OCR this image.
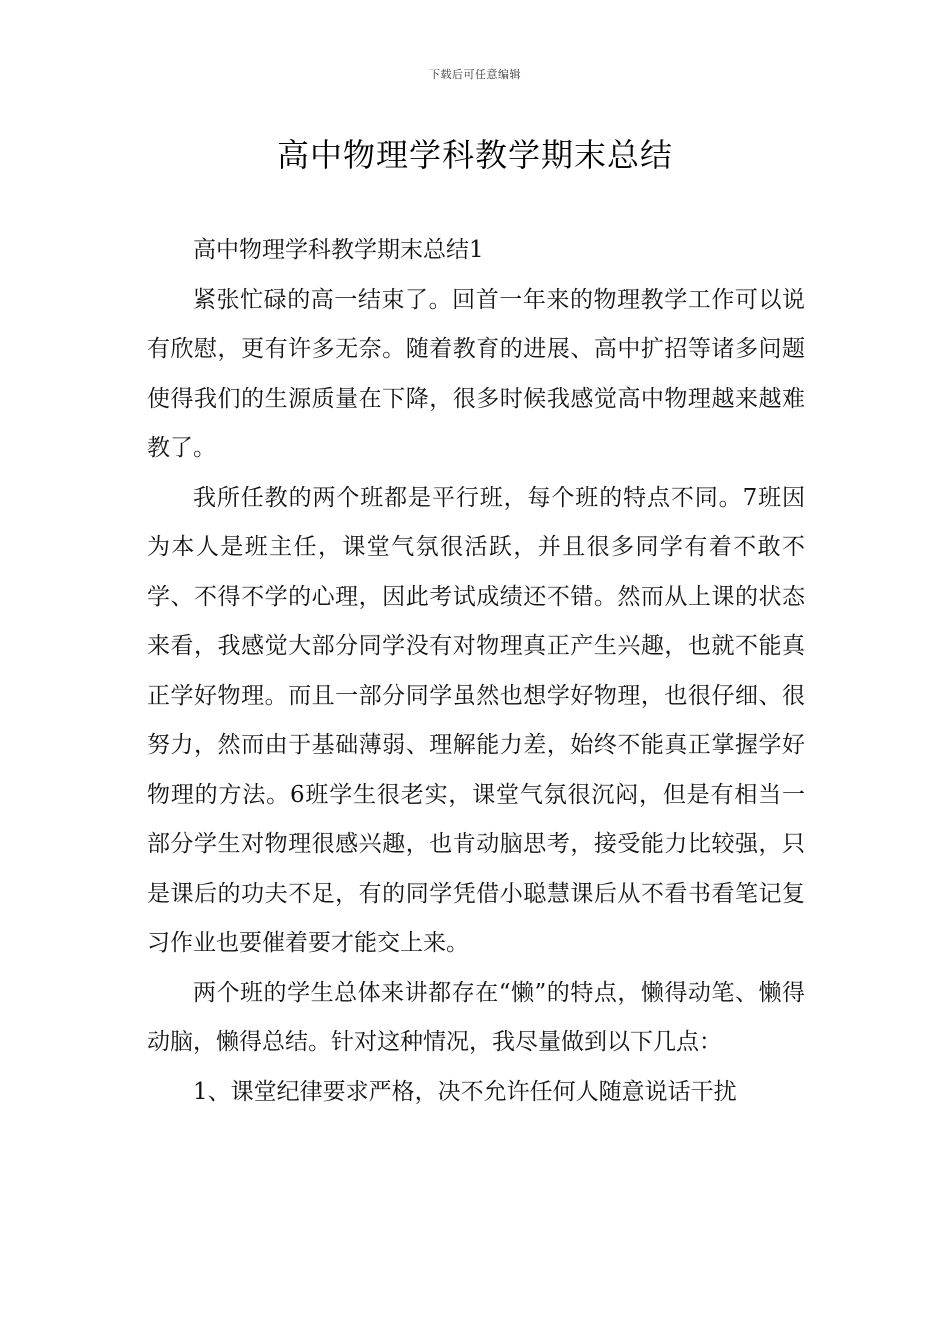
下载后可任意编辑
高中物理学科教学期末总结

高中物理学科教学期末总结1

紧张忙碌的高一结束了。回首一年来的物理教学工作可以说有欣慰，更有许多无奈。随着教育的进展、高中扩招等诸多问题使得我们的生源质量在下降，很多时候我感觉高中物理越来越难教了。

我所任教的两个班都是平行班，每个班的特点不同。7班因为本人是班主任，课堂气氛很活跃，并且很多同学有着不敢不学、不得不学的心理，因此考试成绩还不错。然而从上课的状态来看，我感觉大部分同学没有对物理真正产生兴趣，也就不能真正学好物理。而且一部分同学虽然也想学好物理，也很仔细、很努力，然而由于基础薄弱、理解能力差，始终不能真正掌握学好物理的方法。6班学生很老实，课堂气氛很沉闷，但是有相当一部分学生对物理很感兴趣，也肯动脑思考，接受能力比较强，只是课后的功夫不足，有的同学凭借小聪慧课后从不看书看笔记复习作业也要催着要才能交上来。

两个班的学生总体来讲都存在“懒”的特点，懒得动笔、懒得动脑，懒得总结。针对这种情况，我尽量做到以下几点：

1、课堂纪律要求严格，决不允许任何人随意说话干扰
